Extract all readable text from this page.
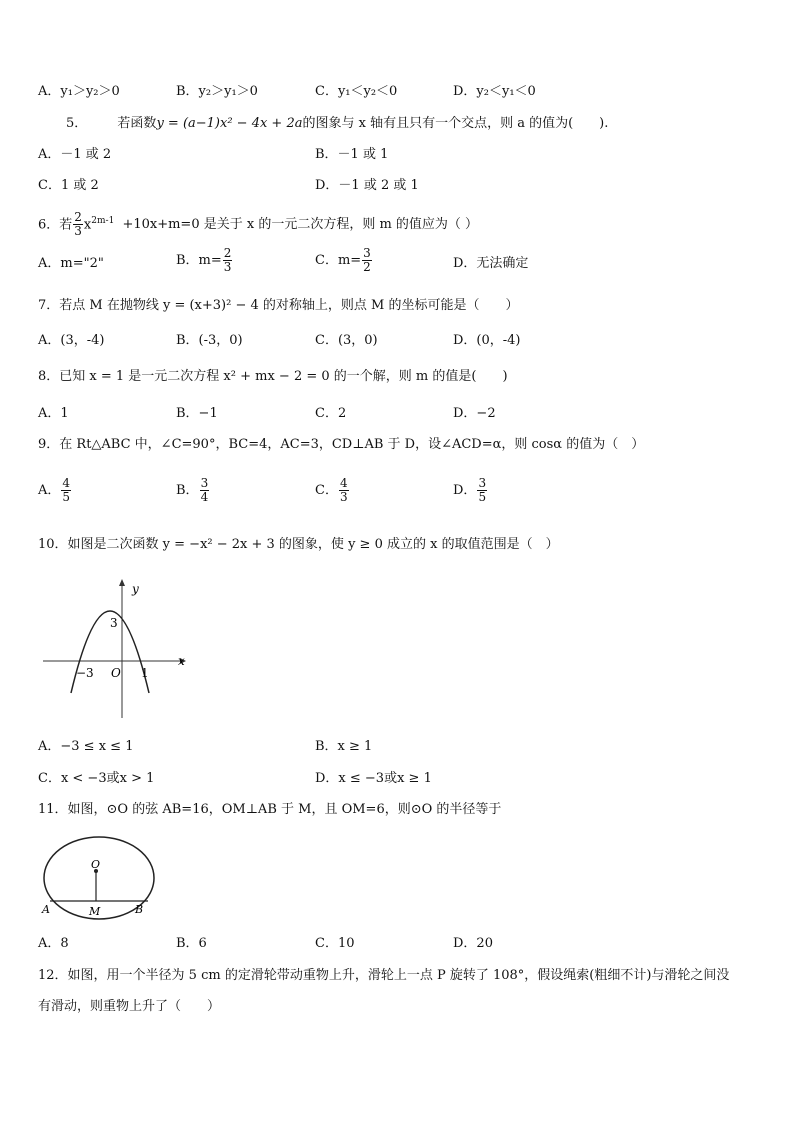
A．y₁＞y₂＞0	B．y₂＞y₁＞0	C．y₁＜y₂＜0	D．y₂＜y₁＜0
5． 若函数y = (a−1)x² − 4x + 2a的图象与 x 轴有且只有一个交点，则 a 的值为(　　).
A．－1 或 2	B．－1 或 1
C．1 或 2	D．－1 或 2 或 1
6．若 $\frac{2}{3} x^{2m-1} +10x+m=0$ 是关于 x 的一元二次方程，则 m 的值应为（ ）
A．m="2"	B．$m= \frac{2}{3}$	C．$m= \frac{3}{2}$	D．无法确定
7．若点 M 在抛物线 y = (x+3)² − 4 的对称轴上，则点 M 的坐标可能是（　　）
A．(3，-4)	B．(-3，0)	C．(3，0)	D．(0，-4)
8．已知 x = 1 是一元二次方程 x² + mx − 2 = 0 的一个解，则 m 的值是(　　)
A．1	B．−1	C．2	D．−2
9．在 Rt△ABC 中，∠C=90°，BC=4，AC=3，CD⊥AB 于 D，设∠ACD=α，则 cosα 的值为（　）
A． $\frac{4}{5}$	B． $\frac{3}{4}$	C． $\frac{4}{3}$	D． $\frac{3}{5}$
10．如图是二次函数 y = −x² − 2x + 3 的图象，使 y ≥ 0 成立的 x 的取值范围是（　）
y
x
3
−3 O 1
A．−3 ≤ x ≤ 1	B．x ≥ 1
C．x < −3或x > 1	D．x ≤ −3或x ≥ 1
11．如图，⊙O 的弦 AB=16，OM⊥AB 于 M，且 OM=6，则⊙O 的半径等于
O
A	M	B
A．8	B．6	C．10	D．20
12．如图，用一个半径为 5 cm 的定滑轮带动重物上升，滑轮上一点 P 旋转了 108°，假设绳索(粗细不计)与滑轮之间没
有滑动，则重物上升了（　　）
